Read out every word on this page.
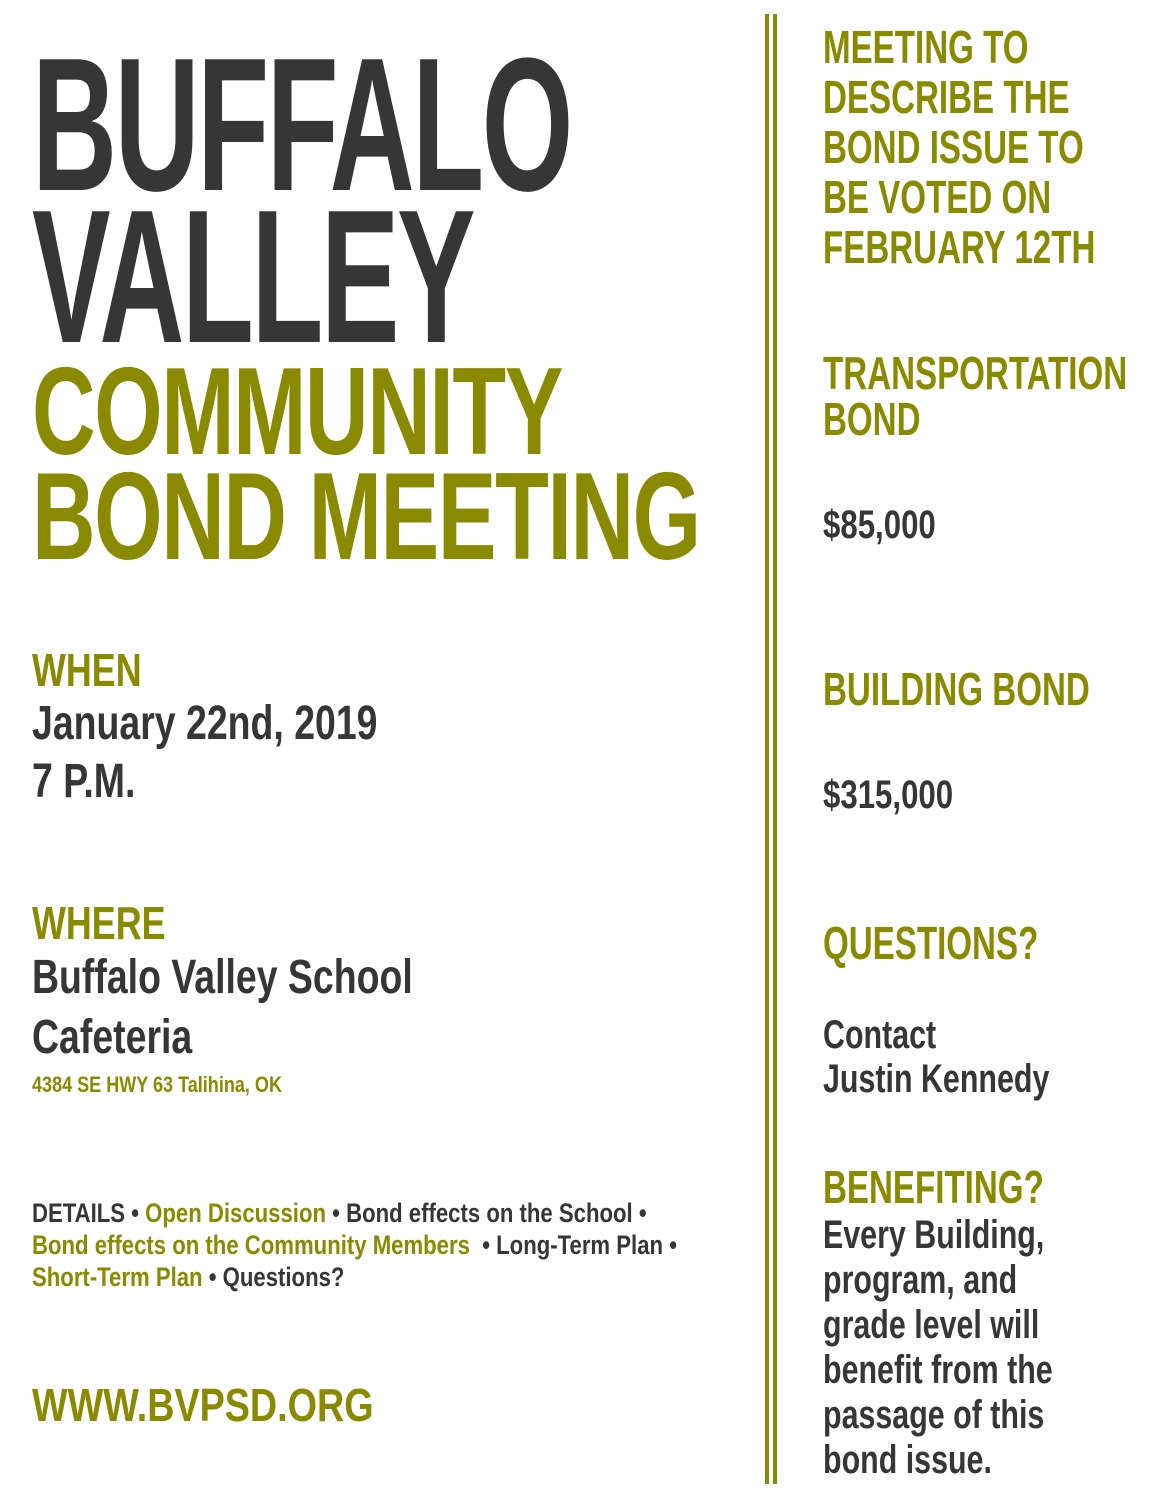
BUFFALO
VALLEY
COMMUNITY
BOND MEETING
WHEN
January 22nd, 2019
7 P.M.
WHERE
Buffalo Valley School
Cafeteria
4384 SE HWY 63 Talihina, OK

DETAILS • Open Discussion • Bond effects on the School •
Bond effects on the Community Members • Long-Term Plan •
Short-Term Plan • Questions?

WWW.BVPSD.ORG
MEETING TO
DESCRIBE THE
BOND ISSUE TO
BE VOTED ON
FEBRUARY 12TH
TRANSPORTATION
BOND
$85,000
BUILDING BOND
$315,000
QUESTIONS?
Contact
Justin Kennedy
BENEFITING?
Every Building,
program, and
grade level will
benefit from the
passage of this
bond issue.
